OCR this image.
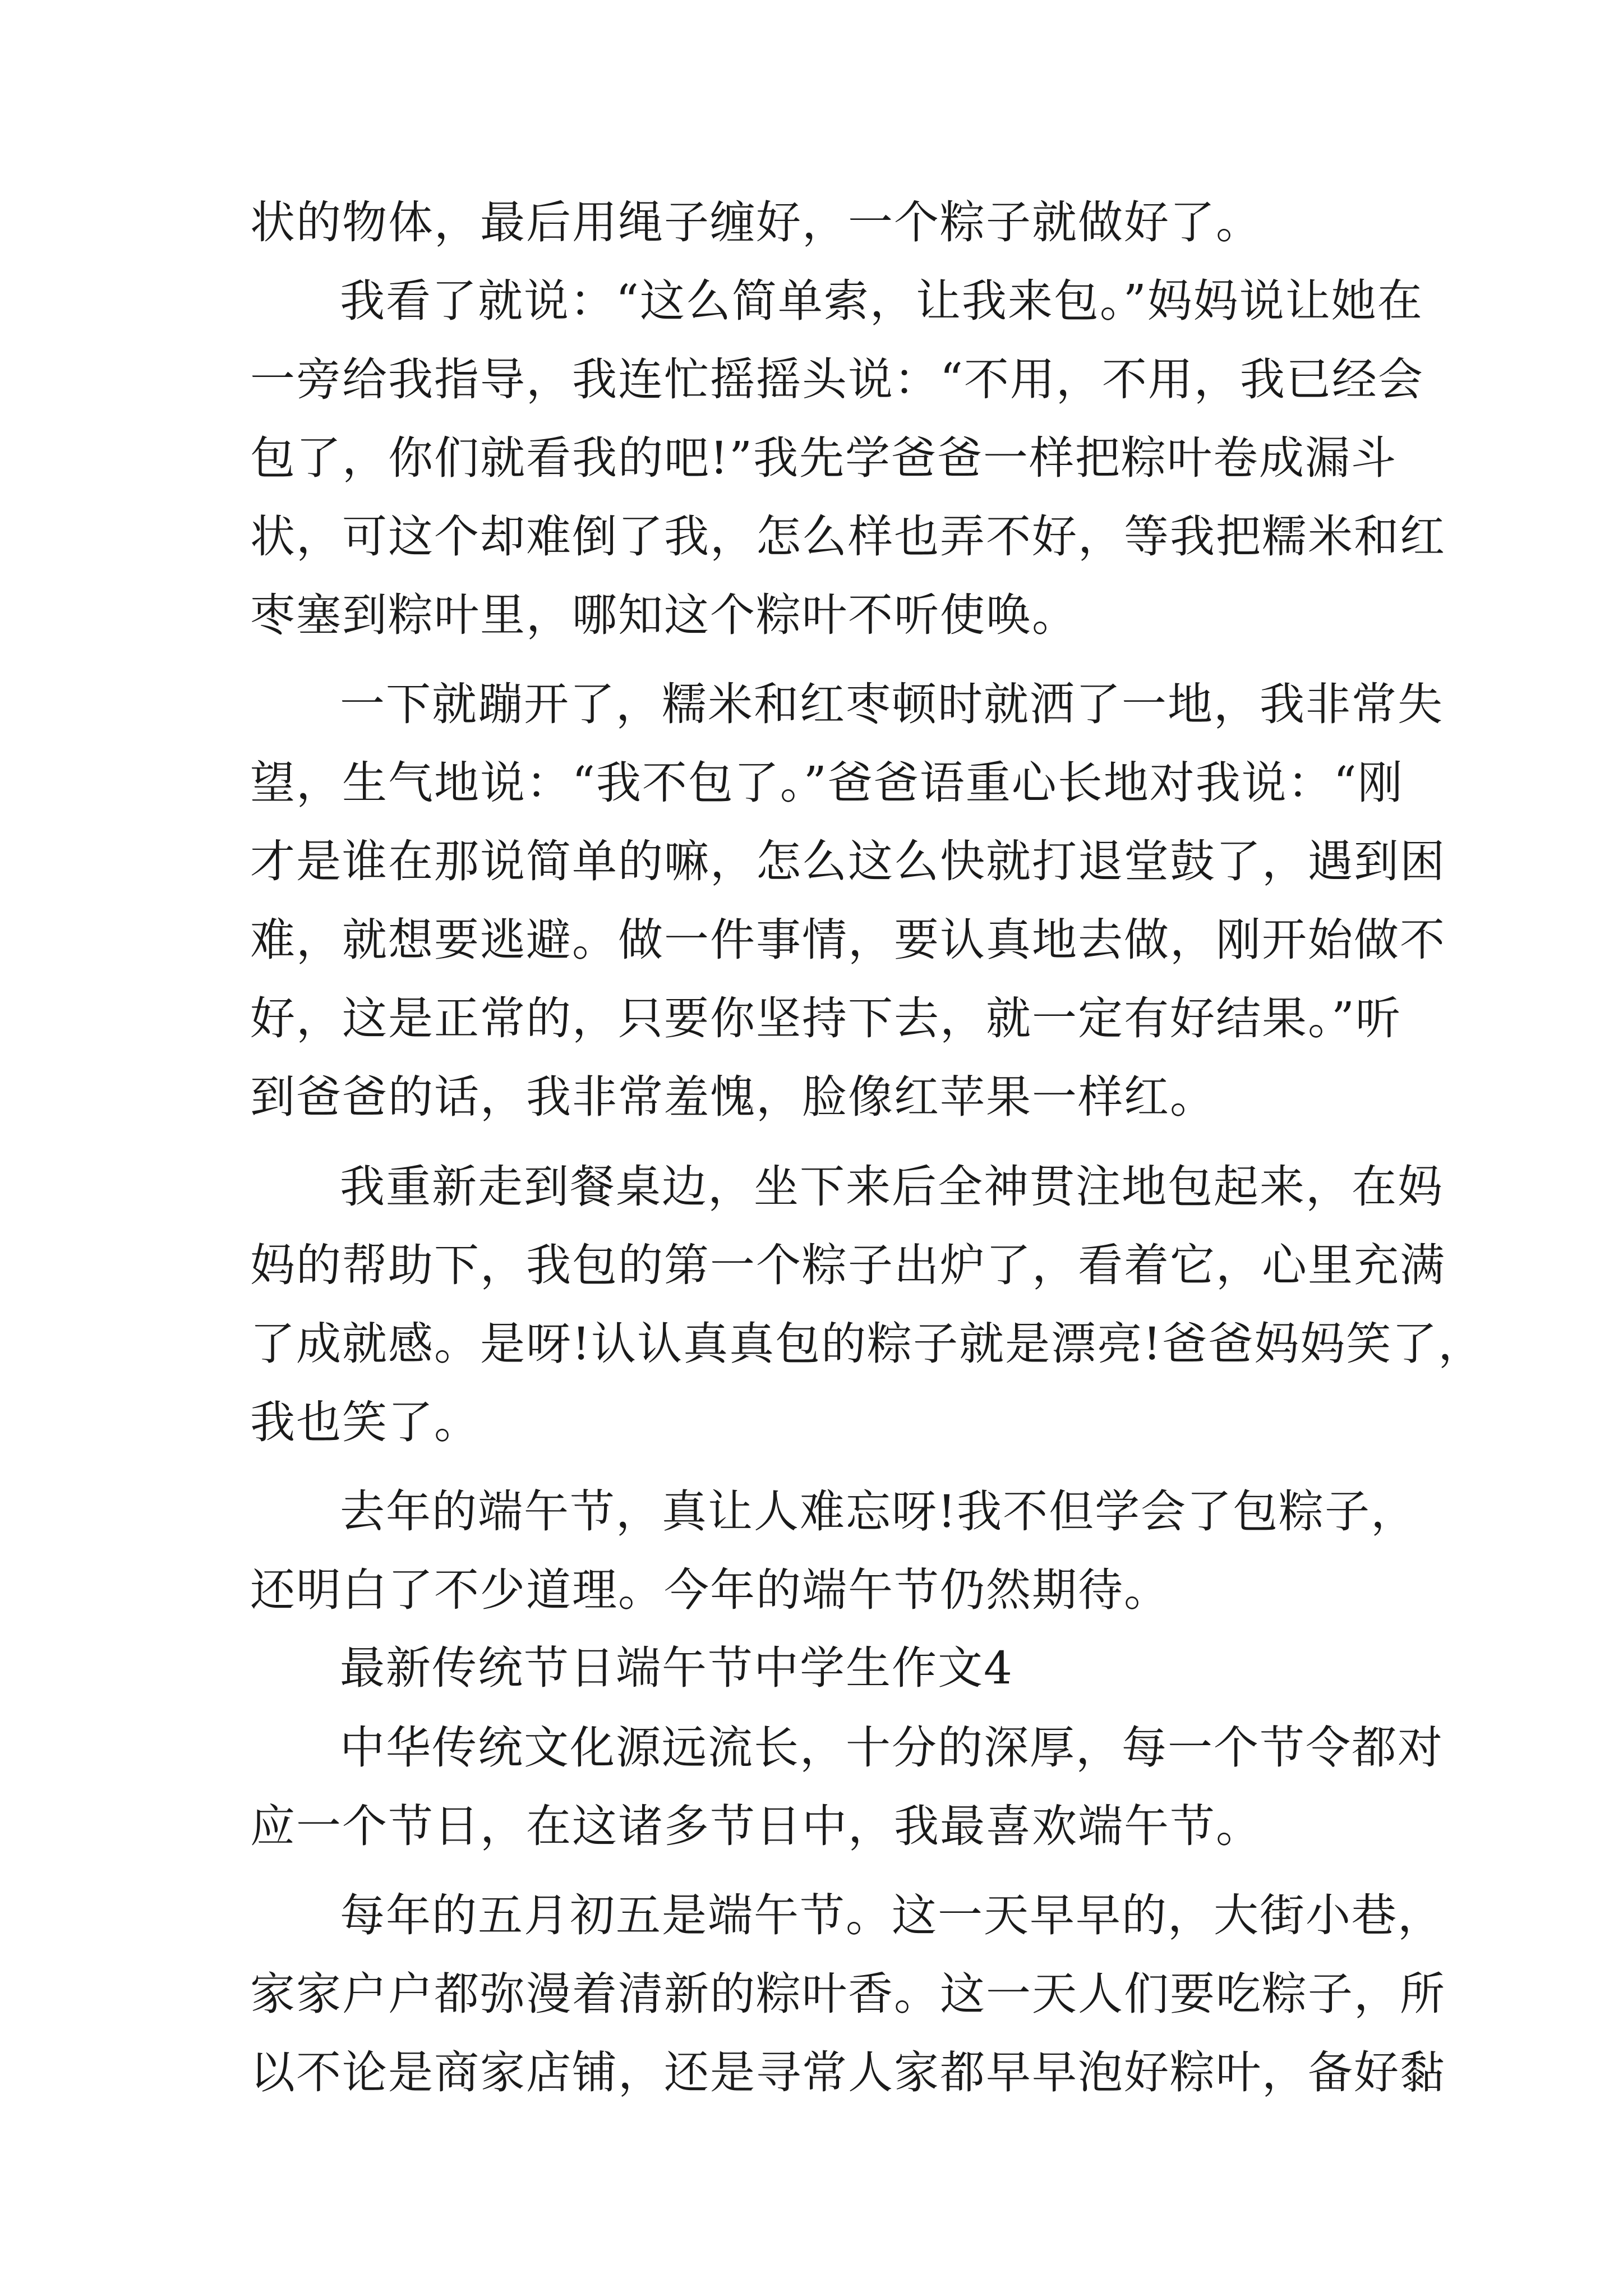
状的物体，最后用绳子缠好，一个粽子就做好了。
我看了就说：“这么简单索，让我来包。”妈妈说让她在
一旁给我指导，我连忙摇摇头说：“不用，不用，我已经会
包了，你们就看我的吧!”我先学爸爸一样把粽叶卷成漏斗
状，可这个却难倒了我，怎么样也弄不好，等我把糯米和红
枣塞到粽叶里，哪知这个粽叶不听使唤。
一下就蹦开了，糯米和红枣顿时就洒了一地，我非常失
望，生气地说：“我不包了。”爸爸语重心长地对我说：“刚
才是谁在那说简单的嘛，怎么这么快就打退堂鼓了，遇到困
难，就想要逃避。做一件事情，要认真地去做，刚开始做不
好，这是正常的，只要你坚持下去，就一定有好结果。”听
到爸爸的话，我非常羞愧，脸像红苹果一样红。
我重新走到餐桌边，坐下来后全神贯注地包起来，在妈
妈的帮助下，我包的第一个粽子出炉了，看着它，心里充满
了成就感。是呀!认认真真包的粽子就是漂亮!爸爸妈妈笑了，
我也笑了。
去年的端午节，真让人难忘呀!我不但学会了包粽子，
还明白了不少道理。今年的端午节仍然期待。
最新传统节日端午节中学生作文4
中华传统文化源远流长，十分的深厚，每一个节令都对
应一个节日，在这诸多节日中，我最喜欢端午节。
每年的五月初五是端午节。这一天早早的，大街小巷，
家家户户都弥漫着清新的粽叶香。这一天人们要吃粽子，所
以不论是商家店铺，还是寻常人家都早早泡好粽叶，备好黏
